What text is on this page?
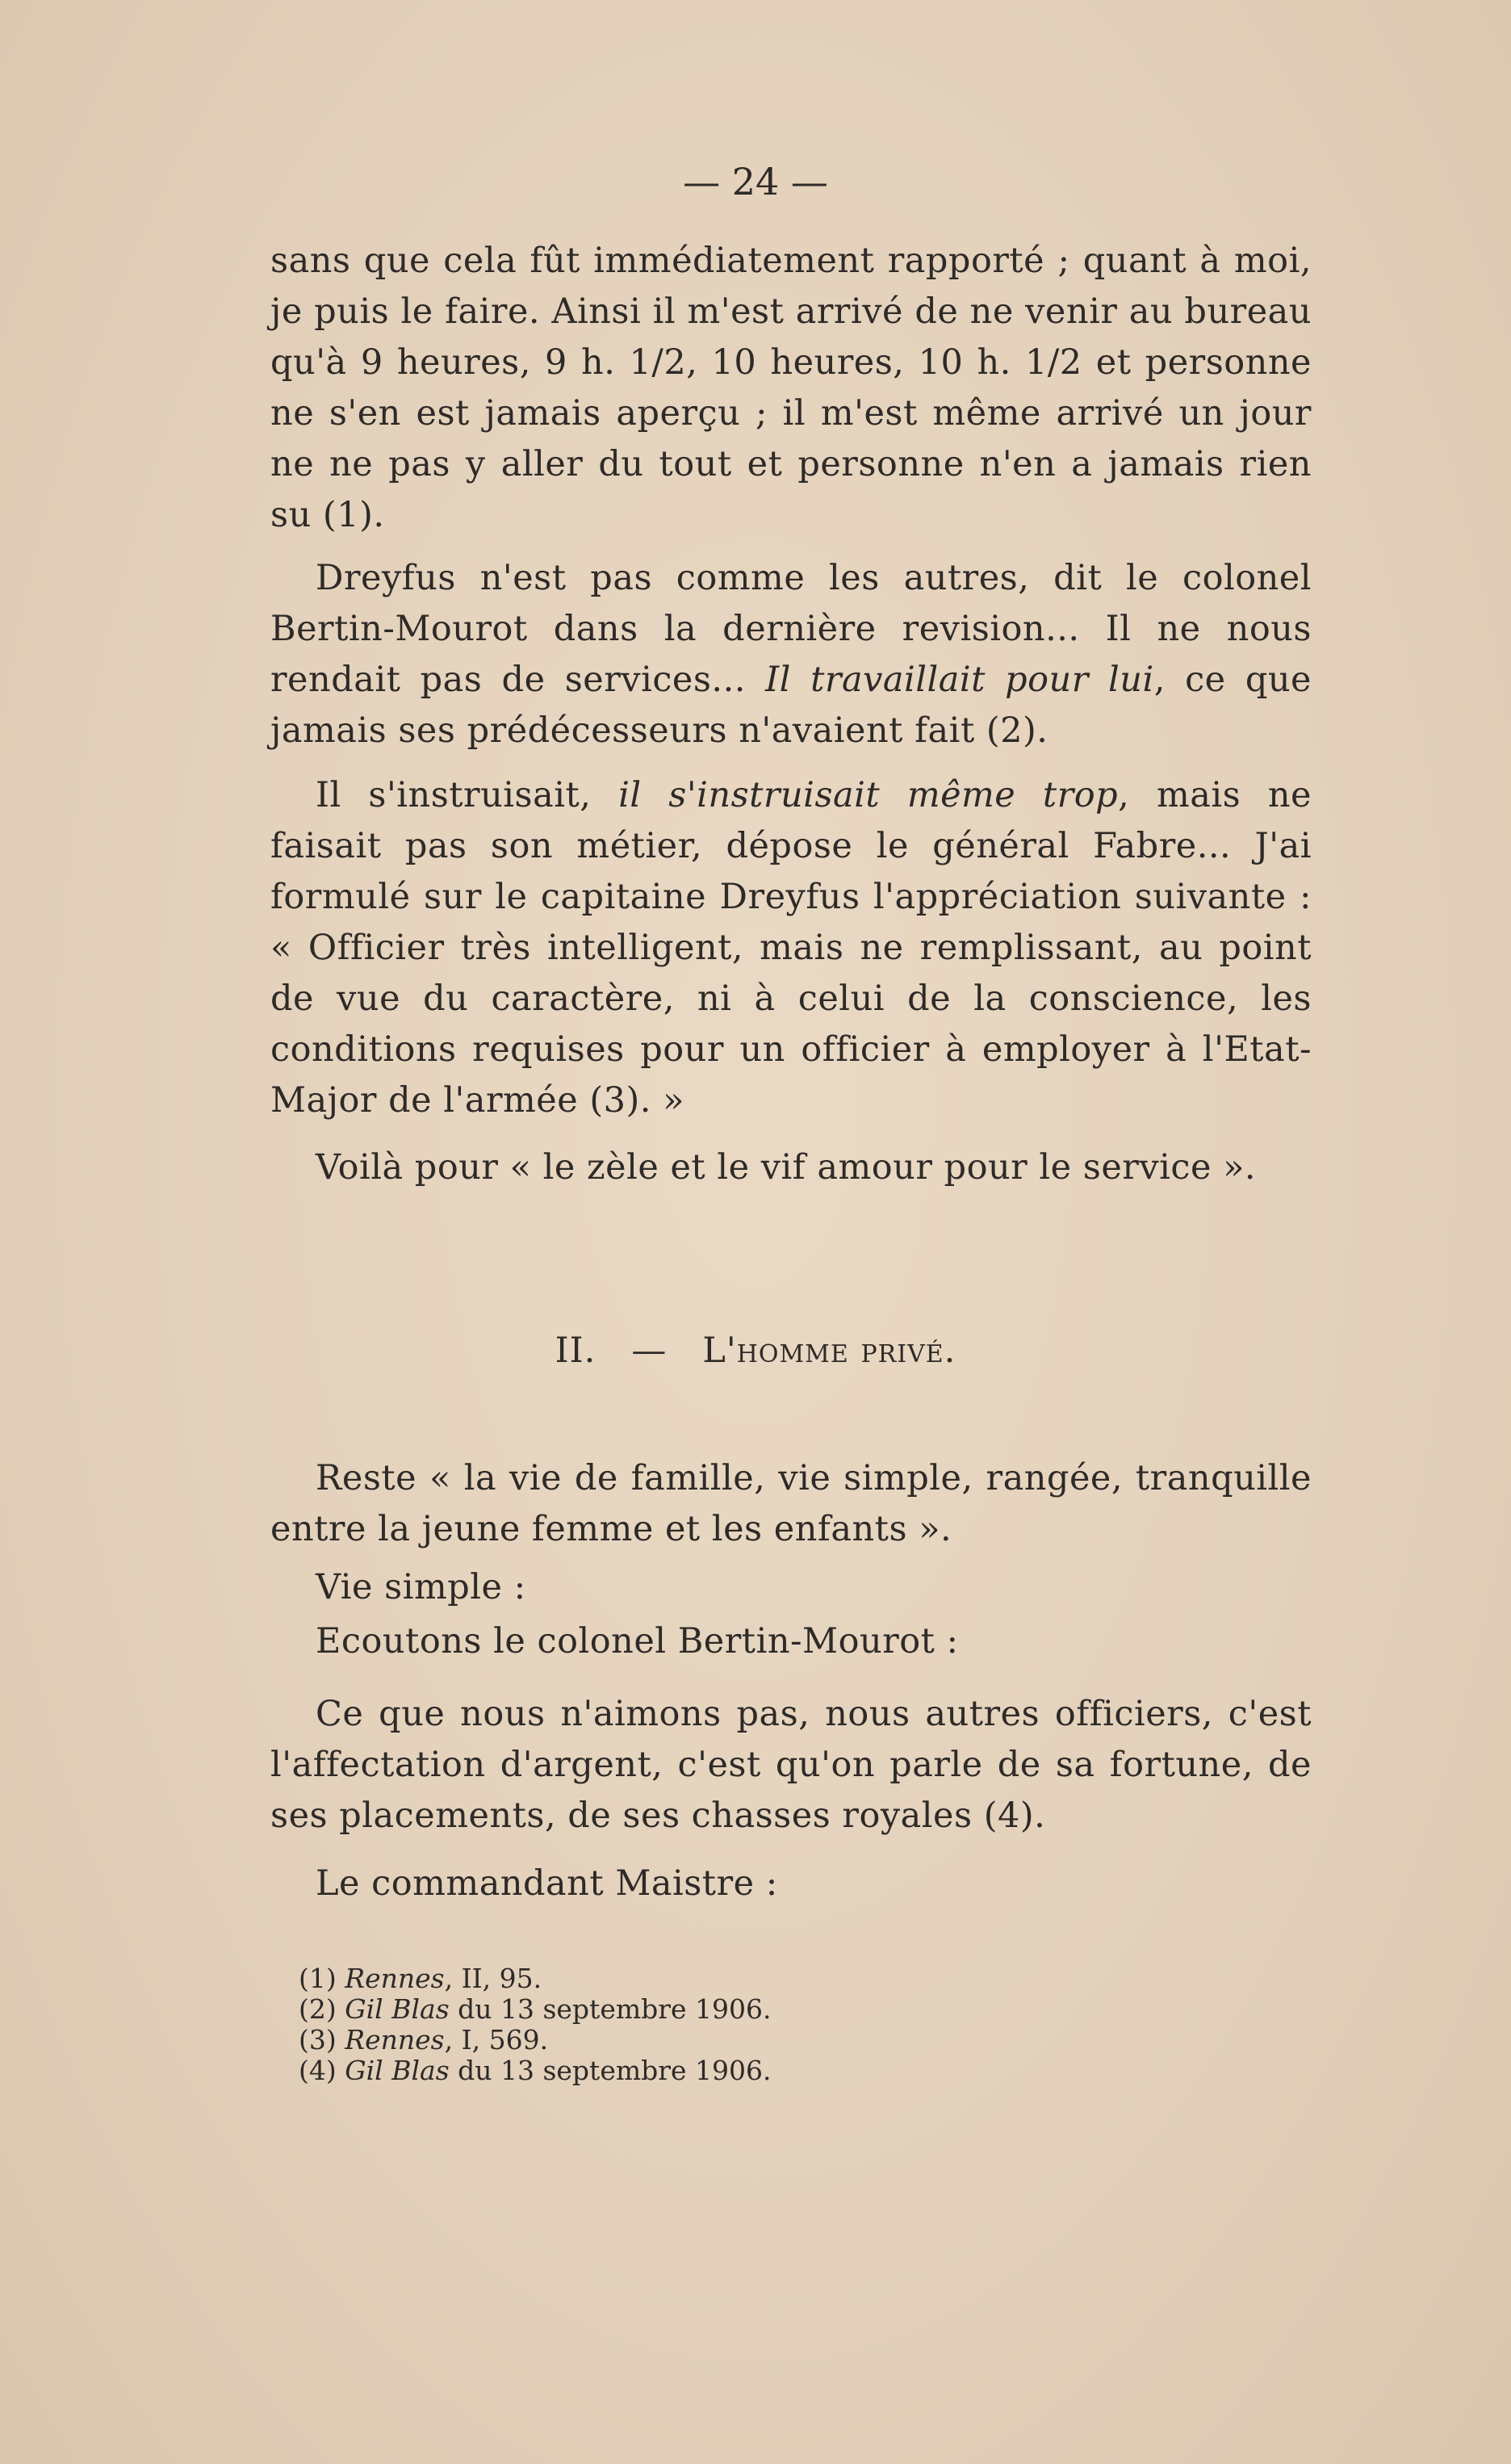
— 24 —

sans que cela fût immédiatement rapporté ; quant à moi, je puis le faire. Ainsi il m'est arrivé de ne venir au bureau qu'à 9 heures, 9 h. 1/2, 10 heures, 10 h. 1/2 et personne ne s'en est jamais aperçu ; il m'est même arrivé un jour ne ne pas y aller du tout et personne n'en a jamais rien su (1).

Dreyfus n'est pas comme les autres, dit le colonel Bertin-Mourot dans la dernière revision... Il ne nous rendait pas de services... Il travaillait pour lui, ce que jamais ses prédécesseurs n'avaient fait (2).

Il s'instruisait, il s'instruisait même trop, mais ne faisait pas son métier, dépose le général Fabre... J'ai formulé sur le capitaine Dreyfus l'appréciation suivante : « Officier très intelligent, mais ne remplissant, au point de vue du caractère, ni à celui de la conscience, les conditions requises pour un officier à employer à l'Etat-Major de l'armée (3). »

Voilà pour « le zèle et le vif amour pour le service ».

II. — L'homme privé.

Reste « la vie de famille, vie simple, rangée, tranquille entre la jeune femme et les enfants ».

Vie simple :

Ecoutons le colonel Bertin-Mourot :

Ce que nous n'aimons pas, nous autres officiers, c'est l'affectation d'argent, c'est qu'on parle de sa fortune, de ses placements, de ses chasses royales (4).

Le commandant Maistre :

(1) Rennes, II, 95.
(2) Gil Blas du 13 septembre 1906.
(3) Rennes, I, 569.
(4) Gil Blas du 13 septembre 1906.
